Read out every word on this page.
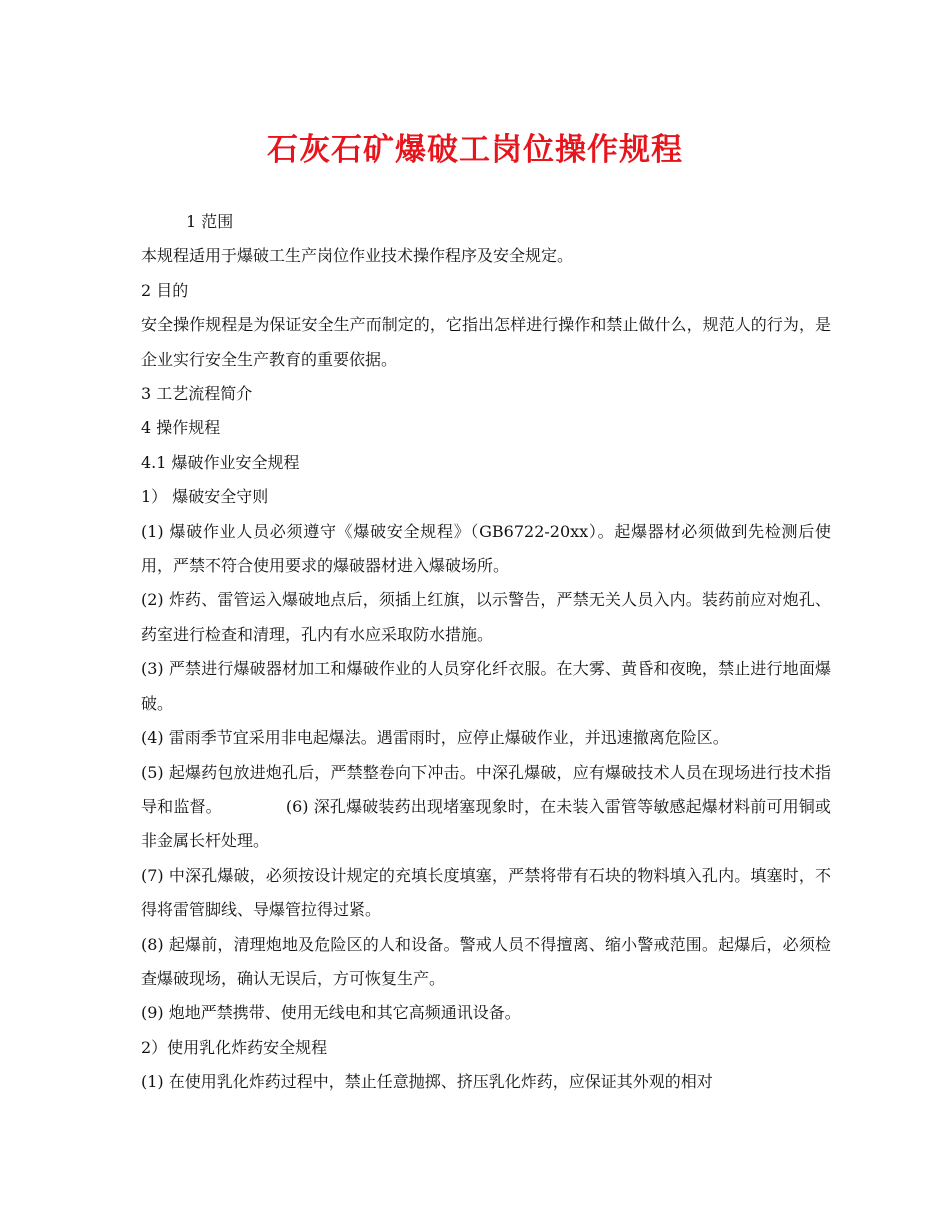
石灰石矿爆破工岗位操作规程

1 范围

本规程适用于爆破工生产岗位作业技术操作程序及安全规定。

2 目的

安全操作规程是为保证安全生产而制定的，它指出怎样进行操作和禁止做什么，规范人的行为，是企业实行安全生产教育的重要依据。

3 工艺流程简介

4 操作规程

4.1 爆破作业安全规程

1） 爆破安全守则

(1) 爆破作业人员必须遵守《爆破安全规程》（GB6722-20xx）。起爆器材必须做到先检测后使用，严禁不符合使用要求的爆破器材进入爆破场所。

(2) 炸药、雷管运入爆破地点后，须插上红旗，以示警告，严禁无关人员入内。装药前应对炮孔、药室进行检查和清理，孔内有水应采取防水措施。

(3) 严禁进行爆破器材加工和爆破作业的人员穿化纤衣服。在大雾、黄昏和夜晚，禁止进行地面爆破。

(4) 雷雨季节宜采用非电起爆法。遇雷雨时，应停止爆破作业，并迅速撤离危险区。

(5) 起爆药包放进炮孔后，严禁整卷向下冲击。中深孔爆破，应有爆破技术人员在现场进行技术指导和监督。	(6) 深孔爆破装药出现堵塞现象时，在未装入雷管等敏感起爆材料前可用铜或非金属长杆处理。

(7) 中深孔爆破，必须按设计规定的充填长度填塞，严禁将带有石块的物料填入孔内。填塞时，不得将雷管脚线、导爆管拉得过紧。

(8) 起爆前，清理炮地及危险区的人和设备。警戒人员不得擅离、缩小警戒范围。起爆后，必须检查爆破现场，确认无误后，方可恢复生产。

(9) 炮地严禁携带、使用无线电和其它高频通讯设备。

2）使用乳化炸药安全规程

(1) 在使用乳化炸药过程中，禁止任意抛掷、挤压乳化炸药，应保证其外观的相对
